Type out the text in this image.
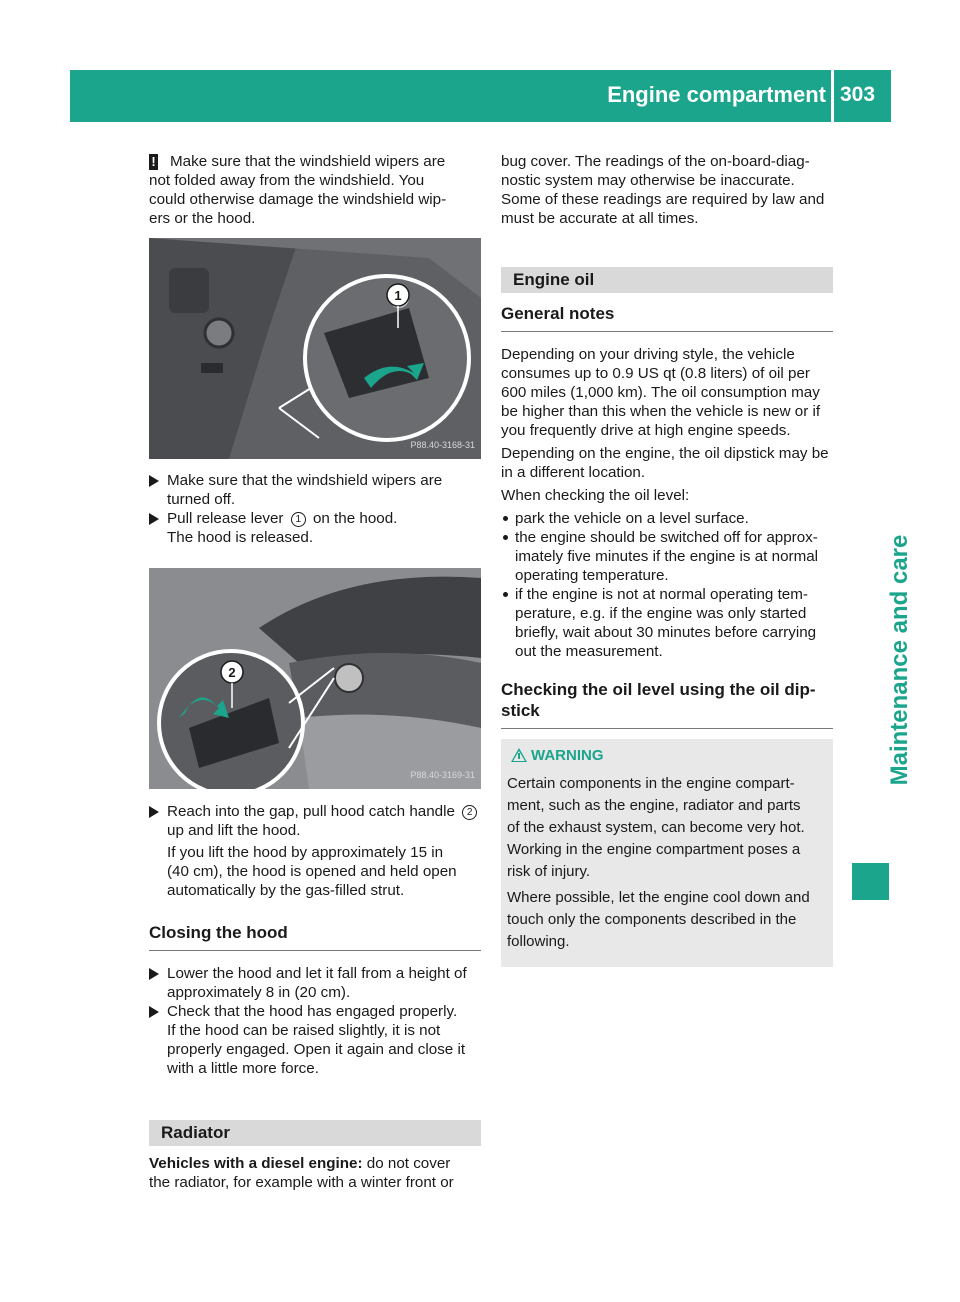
Engine compartment 303
Maintenance and care

! Make sure that the windshield wipers are

not folded away from the windshield. You

could otherwise damage the windshield wip-

ers or the hood.

1
P88.40-3168-31

Make sure that the windshield wipers are

turned off.

Pull release lever 1 on the hood.

The hood is released.

2
P88.40-3169-31

Reach into the gap, pull hood catch handle 2

up and lift the hood.

If you lift the hood by approximately 15 in

(40 cm), the hood is opened and held open

automatically by the gas-filled strut.

Closing the hood

Lower the hood and let it fall from a height of

approximately 8 in (20 cm).

Check that the hood has engaged properly.

If the hood can be raised slightly, it is not

properly engaged. Open it again and close it

with a little more force.

Radiator

Vehicles with a diesel engine: do not cover

the radiator, for example with a winter front or

bug cover. The readings of the on-board-diag-

nostic system may otherwise be inaccurate.

Some of these readings are required by law and

must be accurate at all times.

Engine oil
General notes

Depending on your driving style, the vehicle

consumes up to 0.9 US qt (0.8 liters) of oil per

600 miles (1,000 km). The oil consumption may

be higher than this when the vehicle is new or if

you frequently drive at high engine speeds.

Depending on the engine, the oil dipstick may be

in a different location.

When checking the oil level:

park the vehicle on a level surface.

the engine should be switched off for approx-

imately five minutes if the engine is at normal

operating temperature.

if the engine is not at normal operating tem-

perature, e.g. if the engine was only started

briefly, wait about 30 minutes before carrying

out the measurement.

Checking the oil level using the oil dip-
stick
WARNING

Certain components in the engine compart-

ment, such as the engine, radiator and parts

of the exhaust system, can become very hot.

Working in the engine compartment poses a

risk of injury.

Where possible, let the engine cool down and

touch only the components described in the

following.
